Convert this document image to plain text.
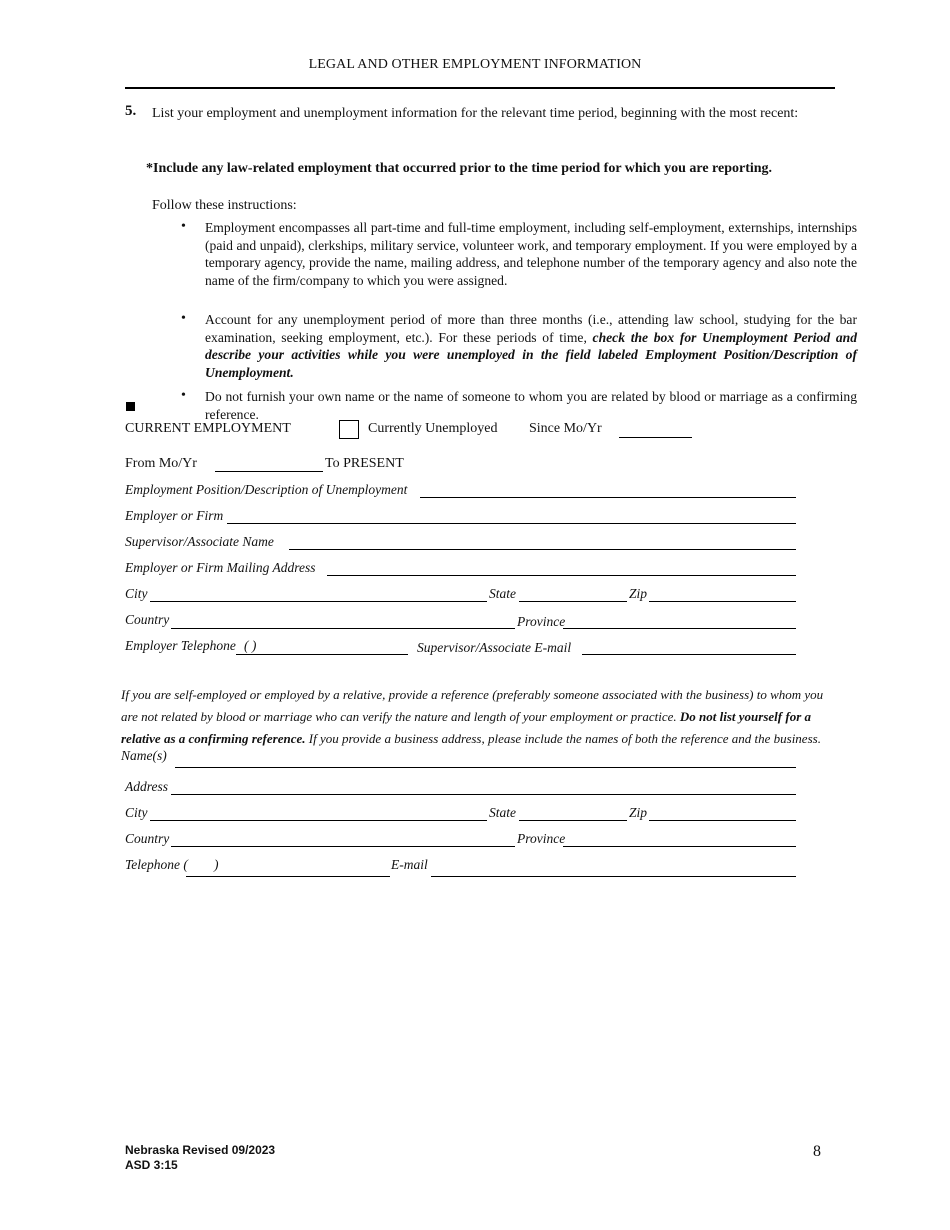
LEGAL AND OTHER EMPLOYMENT INFORMATION
5. List your employment and unemployment information for the relevant time period, beginning with the most recent:
*Include any law-related employment that occurred prior to the time period for which you are reporting.
Follow these instructions:
• Employment encompasses all part-time and full-time employment, including self-employment, externships, internships (paid and unpaid), clerkships, military service, volunteer work, and temporary employment. If you were employed by a temporary agency, provide the name, mailing address, and telephone number of the temporary agency and also note the name of the firm/company to which you were assigned.
• Account for any unemployment period of more than three months (i.e., attending law school, studying for the bar examination, seeking employment, etc.). For these periods of time, check the box for Unemployment Period and describe your activities while you were unemployed in the field labeled Employment Position/Description of Unemployment.
• Do not furnish your own name or the name of someone to whom you are related by blood or marriage as a confirming reference.
CURRENT EMPLOYMENT	Currently Unemployed Since Mo/Yr
From Mo/Yr	To PRESENT
Employment Position/Description of Unemployment
Employer or Firm
Supervisor/Associate Name
Employer or Firm Mailing Address
City	State	Zip
Country	Province
Employer Telephone ( )	Supervisor/Associate E-mail
If you are self-employed or employed by a relative, provide a reference (preferably someone associated with the business) to whom you are not related by blood or marriage who can verify the nature and length of your employment or practice. Do not list yourself for a relative as a confirming reference. If you provide a business address, please include the names of both the reference and the business.
Name(s)
Address
City	State	Zip
Country	Province
Telephone ( )	E-mail
Nebraska Revised 09/2023
ASD 3:15
8
